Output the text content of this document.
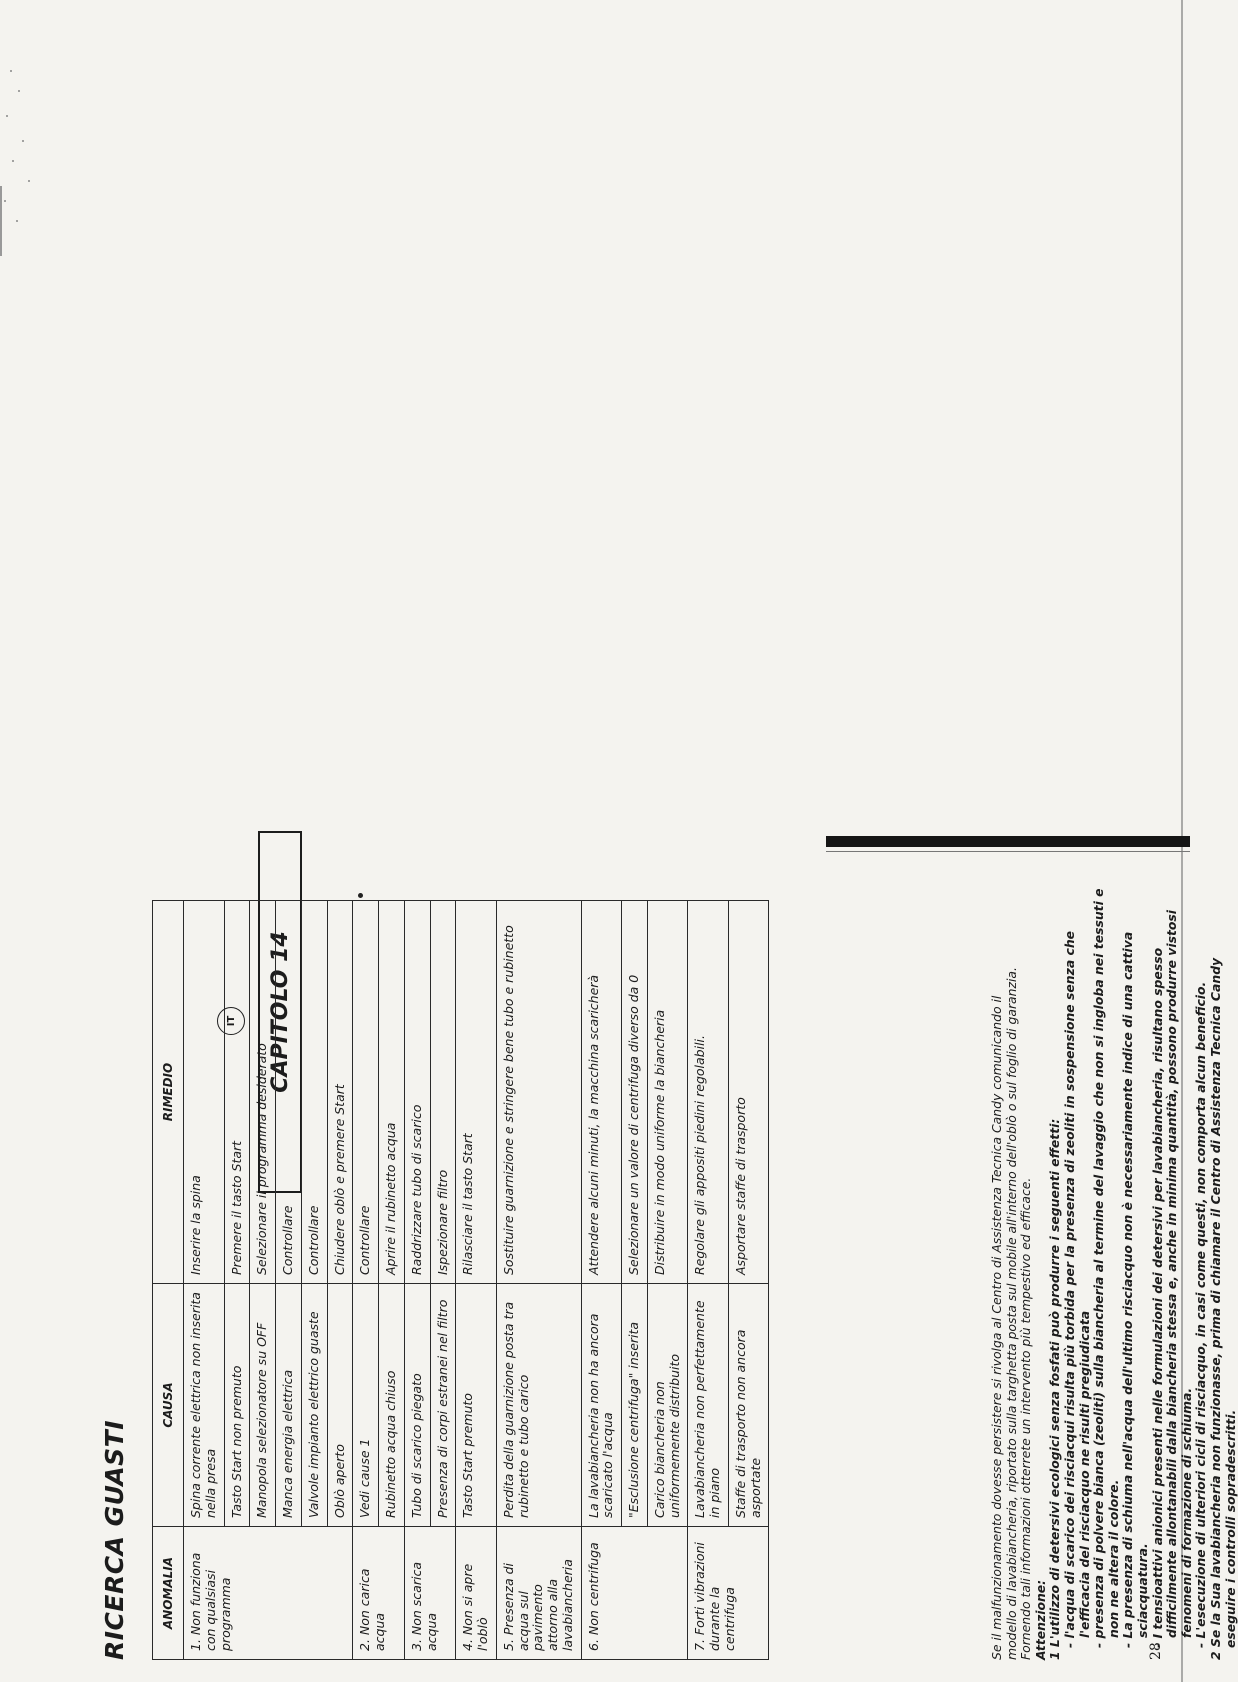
RICERCA GUASTI
IT	CAPITOLO 14
ANOMALIA	CAUSA	RIMEDIO
1. Non funziona con qualsiasi programma	Spina corrente elettrica non inserita nella presa	Inserire la spina
	Tasto Start non premuto	Premere il tasto Start
	Manopola selezionatore su OFF	Selezionare il programma desiderato
	Manca energia elettrica	Controllare
	Valvole impianto elettrico guaste	Controllare
	Oblò aperto	Chiudere oblò e premere Start
2. Non carica acqua	Vedi cause 1	Controllare
	Rubinetto acqua chiuso	Aprire il rubinetto acqua
3. Non scarica acqua	Tubo di scarico piegato	Raddrizzare tubo di scarico
	Presenza di corpi estranei nel filtro	Ispezionare filtro
4. Non si apre l'oblò	Tasto Start premuto	Rilasciare il tasto Start
5. Presenza di acqua sul pavimento attorno alla lavabiancheria	Perdita della guarnizione posta tra rubinetto e tubo carico	Sostituire guarnizione e stringere bene tubo e rubinetto
6. Non centrifuga	La lavabiancheria non ha ancora scaricato l'acqua	Attendere alcuni minuti, la macchina scaricherà
	"Esclusione centrifuga" inserita	Selezionare un valore di centrifuga diverso da 0
	Carico biancheria non uniformemente distribuito	Distribuire in modo uniforme la biancheria
7. Forti vibrazioni durante la centrifuga	Lavabiancheria non perfettamente in piano	Regolare gli appositi piedini regolabili.
	Staffe di trasporto non ancora asportate	Asportare staffe di trasporto	Se il malfunzionamento dovesse persistere si rivolga al Centro di Assistenza Tecnica Candy comunicando il modello di lavabiancheria, riportato sulla targhetta posta sul mobile all'interno dell'oblò o sul foglio di garanzia. Fornendo tali informazioni otterrete un intervento più tempestivo ed efficace. Attenzione: 1 L'utilizzo di detersivi ecologici senza fosfati può produrre i seguenti effetti: - l'acqua di scarico dei risciacqui risulta più torbida per la presenza di zeoliti in sospensione senza che l'efficacia del risciacquo ne risulti pregiudicata - presenza di polvere bianca (zeoliti) sulla biancheria al termine del lavaggio che non si ingloba nei tessuti e non ne altera il colore. - La presenza di schiuma nell'acqua dell'ultimo risciacquo non è necessariamente indice di una cattiva sciacquatura. - I tensioattivi anionici presenti nelle formulazioni dei detersivi per lavabiancheria, risultano spesso difficilmente allontanabili dalla biancheria stessa e, anche in minima quantità, possono produrre vistosi fenomeni di formazione di schiuma. - L'esecuzione di ulteriori cicli di risciacquo, in casi come questi, non comporta alcun beneficio. 2 Se la Sua lavabiancheria non funzionasse, prima di chiamare il Centro di Assistenza Tecnica Candy eseguire i controlli sopradescritti.

28
